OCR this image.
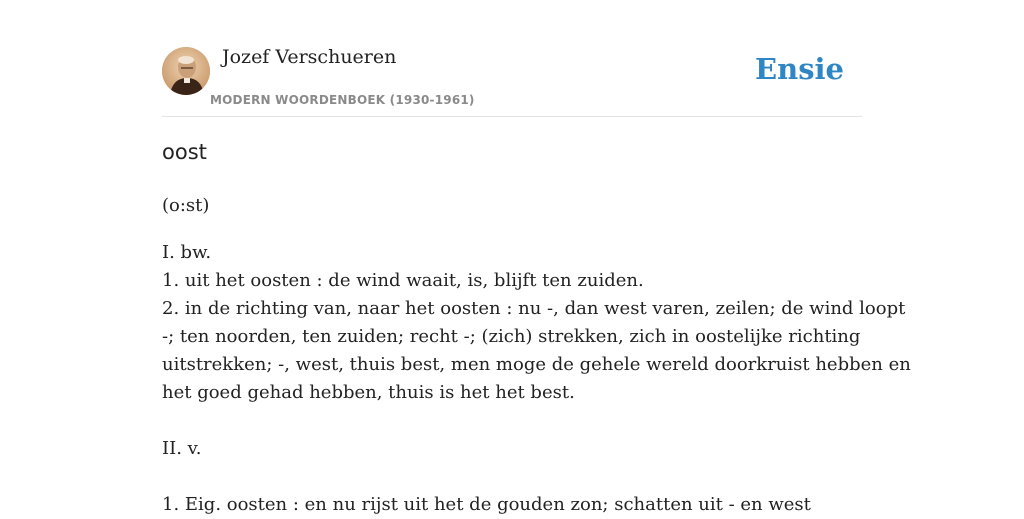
Jozef Verschueren
MODERN WOORDENBOEK (1930-1961)
Ensie
oost

(o:st)

I. bw.
1. uit het oosten : de wind waait, is, blijft ten zuiden.
2. in de richting van, naar het oosten : nu -, dan west varen, zeilen; de wind loopt
-; ten noorden, ten zuiden; recht -; (zich) strekken, zich in oostelijke richting
uitstrekken; -, west, thuis best, men moge de gehele wereld doorkruist hebben en
het goed gehad hebben, thuis is het het best.
II. v.
1. Eig. oosten : en nu rijst uit het de gouden zon; schatten uit - en west
